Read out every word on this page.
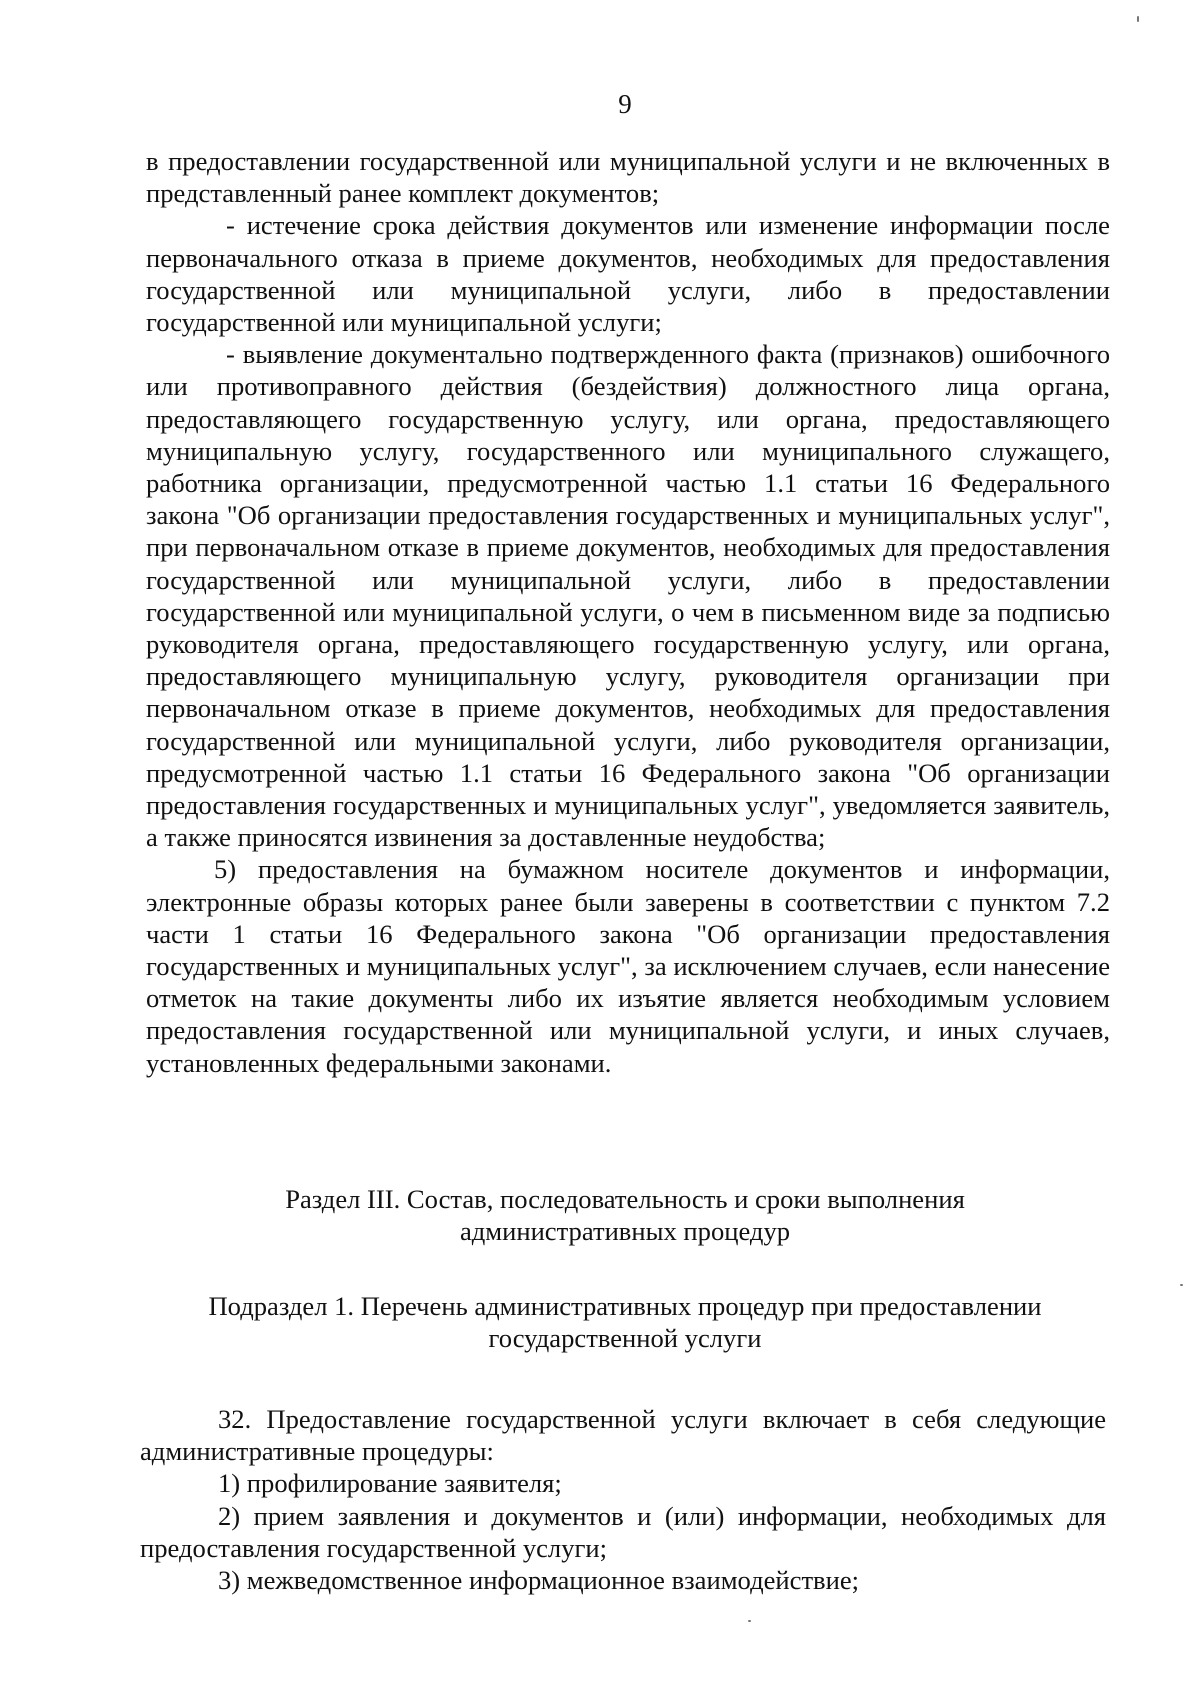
9

в предоставлении государственной или муниципальной услуги и не включенных в представленный ранее комплект документов;

- истечение срока действия документов или изменение информации после первоначального отказа в приеме документов, необходимых для предоставления государственной или муниципальной услуги, либо в предоставлении государственной или муниципальной услуги;

- выявление документально подтвержденного факта (признаков) ошибочного или противоправного действия (бездействия) должностного лица органа, предоставляющего государственную услугу, или органа, предоставляющего муниципальную услугу, государственного или муниципального служащего, работника организации, предусмотренной частью 1.1 статьи 16 Федерального закона "Об организации предоставления государственных и муниципальных услуг", при первоначальном отказе в приеме документов, необходимых для предоставления государственной или муниципальной услуги, либо в предоставлении государственной или муниципальной услуги, о чем в письменном виде за подписью руководителя органа, предоставляющего государственную услугу, или органа, предоставляющего муниципальную услугу, руководителя организации при первоначальном отказе в приеме документов, необходимых для предоставления государственной или муниципальной услуги, либо руководителя организации, предусмотренной частью 1.1 статьи 16 Федерального закона "Об организации предоставления государственных и муниципальных услуг", уведомляется заявитель, а также приносятся извинения за доставленные неудобства;

5) предоставления на бумажном носителе документов и информации, электронные образы которых ранее были заверены в соответствии с пунктом 7.2 части 1 статьи 16 Федерального закона "Об организации предоставления государственных и муниципальных услуг", за исключением случаев, если нанесение отметок на такие документы либо их изъятие является необходимым условием предоставления государственной или муниципальной услуги, и иных случаев, установленных федеральными законами.

Раздел III. Состав, последовательность и сроки выполнения
административных процедур
Подраздел 1. Перечень административных процедур при предоставлении
государственной услуги

32. Предоставление государственной услуги включает в себя следующие административные процедуры:

1) профилирование заявителя;

2) прием заявления и документов и (или) информации, необходимых для предоставления государственной услуги;

3) межведомственное информационное взаимодействие;
